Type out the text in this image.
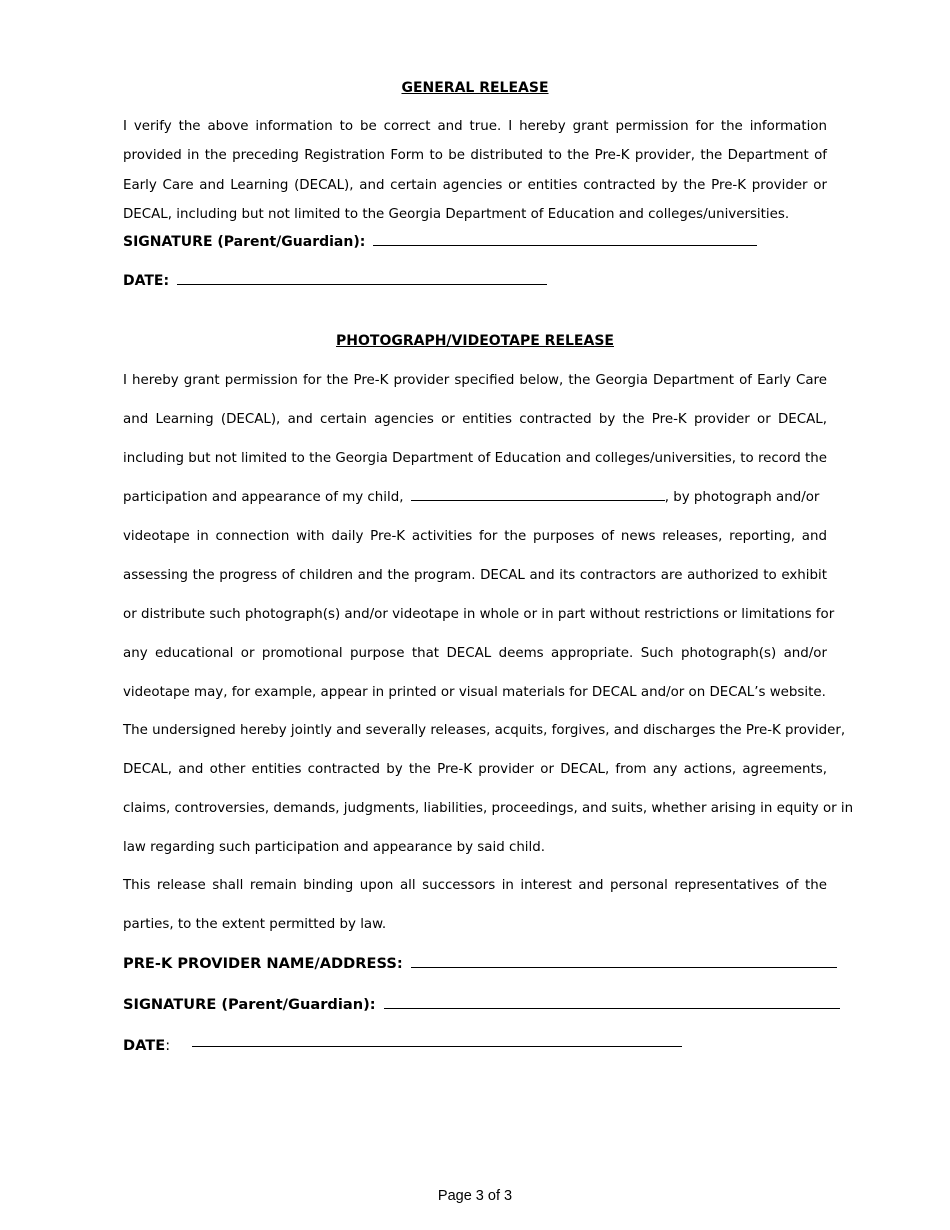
GENERAL RELEASE
I verify the above information to be correct and true. I hereby grant permission for the information
provided in the preceding Registration Form to be distributed to the Pre-K provider, the Department of
Early Care and Learning (DECAL), and certain agencies or entities contracted by the Pre-K provider or
DECAL, including but not limited to the Georgia Department of Education and colleges/universities.
SIGNATURE (Parent/Guardian):
DATE:
PHOTOGRAPH/VIDEOTAPE RELEASE
I hereby grant permission for the Pre-K provider specified below, the Georgia Department of Early Care
and Learning (DECAL), and certain agencies or entities contracted by the Pre-K provider or DECAL,
including but not limited to the Georgia Department of Education and colleges/universities, to record the
participation and appearance of my child,	, by photograph and/or
videotape in connection with daily Pre-K activities for the purposes of news releases, reporting, and
assessing the progress of children and the program. DECAL and its contractors are authorized to exhibit
or distribute such photograph(s) and/or videotape in whole or in part without restrictions or limitations for
any educational or promotional purpose that DECAL deems appropriate. Such photograph(s) and/or
videotape may, for example, appear in printed or visual materials for DECAL and/or on DECAL’s website.
The undersigned hereby jointly and severally releases, acquits, forgives, and discharges the Pre-K provider,
DECAL, and other entities contracted by the Pre-K provider or DECAL, from any actions, agreements,
claims, controversies, demands, judgments, liabilities, proceedings, and suits, whether arising in equity or in
law regarding such participation and appearance by said child.
This release shall remain binding upon all successors in interest and personal representatives of the
parties, to the extent permitted by law.
PRE-K PROVIDER NAME/ADDRESS:
SIGNATURE (Parent/Guardian):
DATE:
Page 3 of 3
